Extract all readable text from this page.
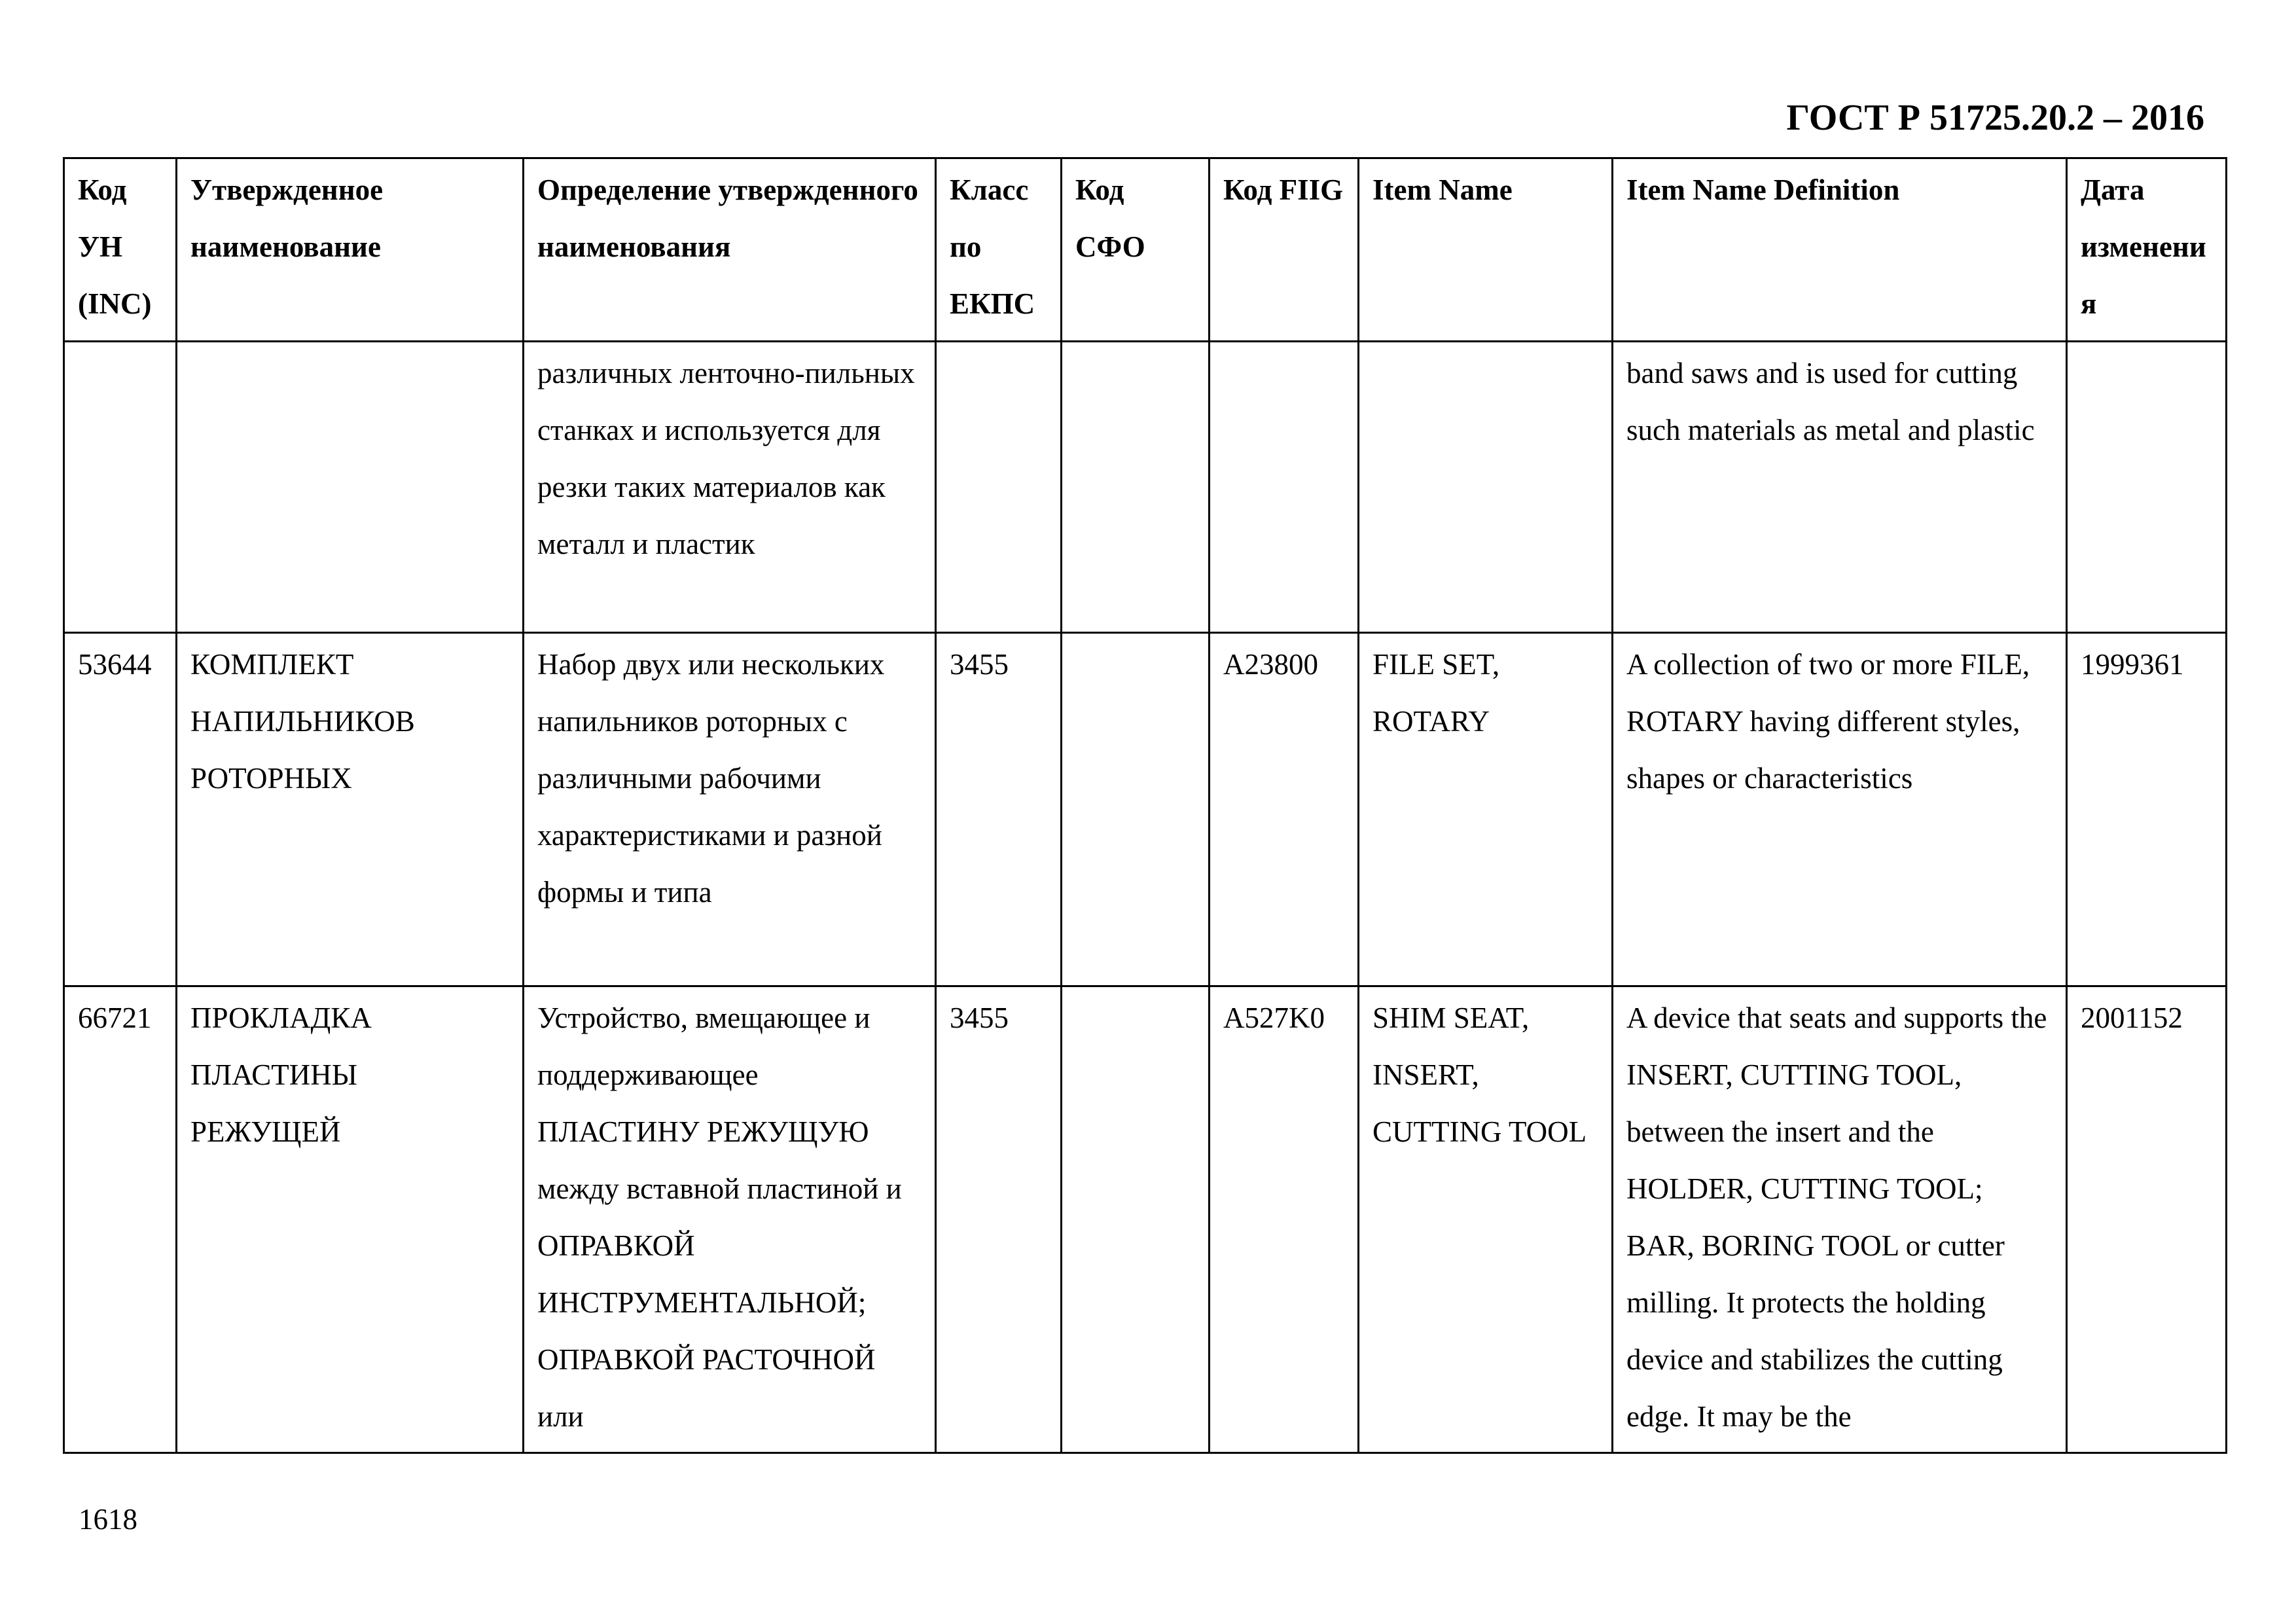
ГОСТ Р 51725.20.2 – 2016
Код УН (INC)	Утвержденное наименование	Определение утвержденного наименования	Класс по ЕКПС	Код СФО	Код FIIG	Item Name	Item Name Definition	Дата изменения
		различных ленточно-пильных станках и используется для резки таких материалов как металл и пластик					band saws and is used for cutting such materials as metal and plastic	
53644	КОМПЛЕКТ НАПИЛЬНИКОВ РОТОРНЫХ	Набор двух или нескольких напильников роторных с различными рабочими характеристиками и разной формы и типа	3455		A23800	FILE SET, ROTARY	A collection of two or more FILE, ROTARY having different styles, shapes or characteristics	1999361
66721	ПРОКЛАДКА ПЛАСТИНЫ РЕЖУЩЕЙ	Устройство, вмещающее и поддерживающее ПЛАСТИНУ РЕЖУЩУЮ между вставной пластиной и ОПРАВКОЙ ИНСТРУМЕНТАЛЬНОЙ; ОПРАВКОЙ РАСТОЧНОЙ или	3455		A527K0	SHIM SEAT, INSERT, CUTTING TOOL	A device that seats and supports the INSERT, CUTTING TOOL, between the insert and the HOLDER, CUTTING TOOL; BAR, BORING TOOL or cutter milling. It protects the holding device and stabilizes the cutting edge. It may be the	2001152
1618
